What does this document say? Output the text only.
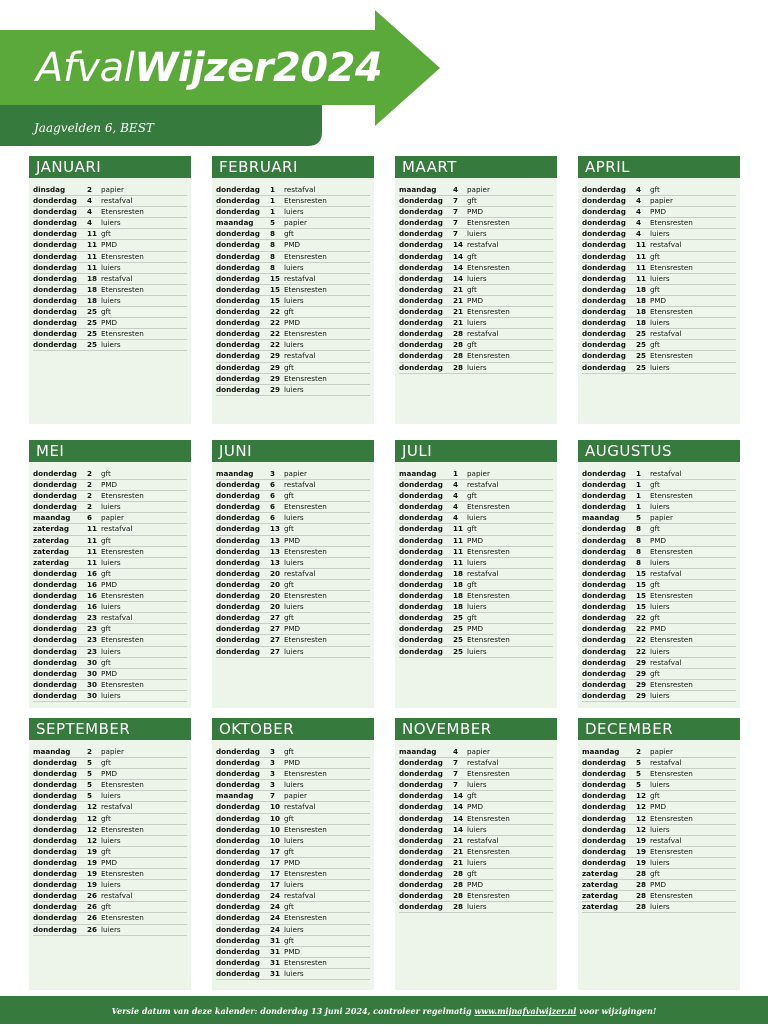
AfvalWijzer2024
Jaagvelden 6, BEST
JANUARI
dinsdag	2	papier
donderdag	4	restafval
donderdag	4	Etensresten
donderdag	4	luiers
donderdag	11 gft
donderdag	11 PMD
donderdag	11 Etensresten
donderdag	11 luiers
donderdag	18 restafval
donderdag	18 Etensresten
donderdag	18 luiers
donderdag	25 gft
donderdag	25 PMD
donderdag	25 Etensresten
donderdag	25 luiers
FEBRUARI
donderdag	1	restafval
donderdag	1	Etensresten
donderdag	1	luiers
maandag	5	papier
donderdag	8	gft
donderdag	8	PMD
donderdag	8	Etensresten
donderdag	8	luiers
donderdag	15 restafval
donderdag	15 Etensresten
donderdag	15 luiers
donderdag	22 gft
donderdag	22 PMD
donderdag	22 Etensresten
donderdag	22 luiers
donderdag	29 restafval
donderdag	29 gft
donderdag	29 Etensresten
donderdag	29 luiers
MAART
maandag	4	papier
donderdag	7	gft
donderdag	7	PMD
donderdag	7	Etensresten
donderdag	7	luiers
donderdag	14 restafval
donderdag	14 gft
donderdag	14 Etensresten
donderdag	14 luiers
donderdag	21 gft
donderdag	21 PMD
donderdag	21 Etensresten
donderdag	21 luiers
donderdag	28 restafval
donderdag	28 gft
donderdag	28 Etensresten
donderdag	28 luiers
APRIL
donderdag	4	gft
donderdag	4	papier
donderdag	4	PMD
donderdag	4	Etensresten
donderdag	4	luiers
donderdag	11 restafval
donderdag	11 gft
donderdag	11 Etensresten
donderdag	11 luiers
donderdag	18 gft
donderdag	18 PMD
donderdag	18 Etensresten
donderdag	18 luiers
donderdag	25 restafval
donderdag	25 gft
donderdag	25 Etensresten
donderdag	25 luiers
MEI
donderdag	2	gft
donderdag	2	PMD
donderdag	2	Etensresten
donderdag	2	luiers
maandag	6	papier
zaterdag	11 restafval
zaterdag	11 gft
zaterdag	11 Etensresten
zaterdag	11 luiers
donderdag	16 gft
donderdag	16 PMD
donderdag	16 Etensresten
donderdag	16 luiers
donderdag	23 restafval
donderdag	23 gft
donderdag	23 Etensresten
donderdag	23 luiers
donderdag	30 gft
donderdag	30 PMD
donderdag	30 Etensresten
donderdag	30 luiers
JUNI
maandag	3	papier
donderdag	6	restafval
donderdag	6	gft
donderdag	6	Etensresten
donderdag	6	luiers
donderdag	13 gft
donderdag	13 PMD
donderdag	13 Etensresten
donderdag	13 luiers
donderdag	20 restafval
donderdag	20 gft
donderdag	20 Etensresten
donderdag	20 luiers
donderdag	27 gft
donderdag	27 PMD
donderdag	27 Etensresten
donderdag	27 luiers
JULI
maandag	1	papier
donderdag	4	restafval
donderdag	4	gft
donderdag	4	Etensresten
donderdag	4	luiers
donderdag	11 gft
donderdag	11 PMD
donderdag	11 Etensresten
donderdag	11 luiers
donderdag	18 restafval
donderdag	18 gft
donderdag	18 Etensresten
donderdag	18 luiers
donderdag	25 gft
donderdag	25 PMD
donderdag	25 Etensresten
donderdag	25 luiers
AUGUSTUS
donderdag	1	restafval
donderdag	1	gft
donderdag	1	Etensresten
donderdag	1	luiers
maandag	5	papier
donderdag	8	gft
donderdag	8	PMD
donderdag	8	Etensresten
donderdag	8	luiers
donderdag	15 restafval
donderdag	15 gft
donderdag	15 Etensresten
donderdag	15 luiers
donderdag	22 gft
donderdag	22 PMD
donderdag	22 Etensresten
donderdag	22 luiers
donderdag	29 restafval
donderdag	29 gft
donderdag	29 Etensresten
donderdag	29 luiers
SEPTEMBER
maandag	2	papier
donderdag	5	gft
donderdag	5	PMD
donderdag	5	Etensresten
donderdag	5	luiers
donderdag	12 restafval
donderdag	12 gft
donderdag	12 Etensresten
donderdag	12 luiers
donderdag	19 gft
donderdag	19 PMD
donderdag	19 Etensresten
donderdag	19 luiers
donderdag	26 restafval
donderdag	26 gft
donderdag	26 Etensresten
donderdag	26 luiers
OKTOBER
donderdag	3	gft
donderdag	3	PMD
donderdag	3	Etensresten
donderdag	3	luiers
maandag	7	papier
donderdag	10 restafval
donderdag	10 gft
donderdag	10 Etensresten
donderdag	10 luiers
donderdag	17 gft
donderdag	17 PMD
donderdag	17 Etensresten
donderdag	17 luiers
donderdag	24 restafval
donderdag	24 gft
donderdag	24 Etensresten
donderdag	24 luiers
donderdag	31 gft
donderdag	31 PMD
donderdag	31 Etensresten
donderdag	31 luiers
NOVEMBER
maandag	4	papier
donderdag	7	restafval
donderdag	7	Etensresten
donderdag	7	luiers
donderdag	14 gft
donderdag	14 PMD
donderdag	14 Etensresten
donderdag	14 luiers
donderdag	21 restafval
donderdag	21 Etensresten
donderdag	21 luiers
donderdag	28 gft
donderdag	28 PMD
donderdag	28 Etensresten
donderdag	28 luiers
DECEMBER
maandag	2	papier
donderdag	5	restafval
donderdag	5	Etensresten
donderdag	5	luiers
donderdag	12 gft
donderdag	12 PMD
donderdag	12 Etensresten
donderdag	12 luiers
donderdag	19 restafval
donderdag	19 Etensresten
donderdag	19 luiers
zaterdag	28 gft
zaterdag	28 PMD
zaterdag	28 Etensresten
zaterdag	28 luiers
Versie datum van deze kalender: donderdag 13 juni 2024, controleer regelmatig www.mijnafvalwijzer.nl voor wijzigingen!
